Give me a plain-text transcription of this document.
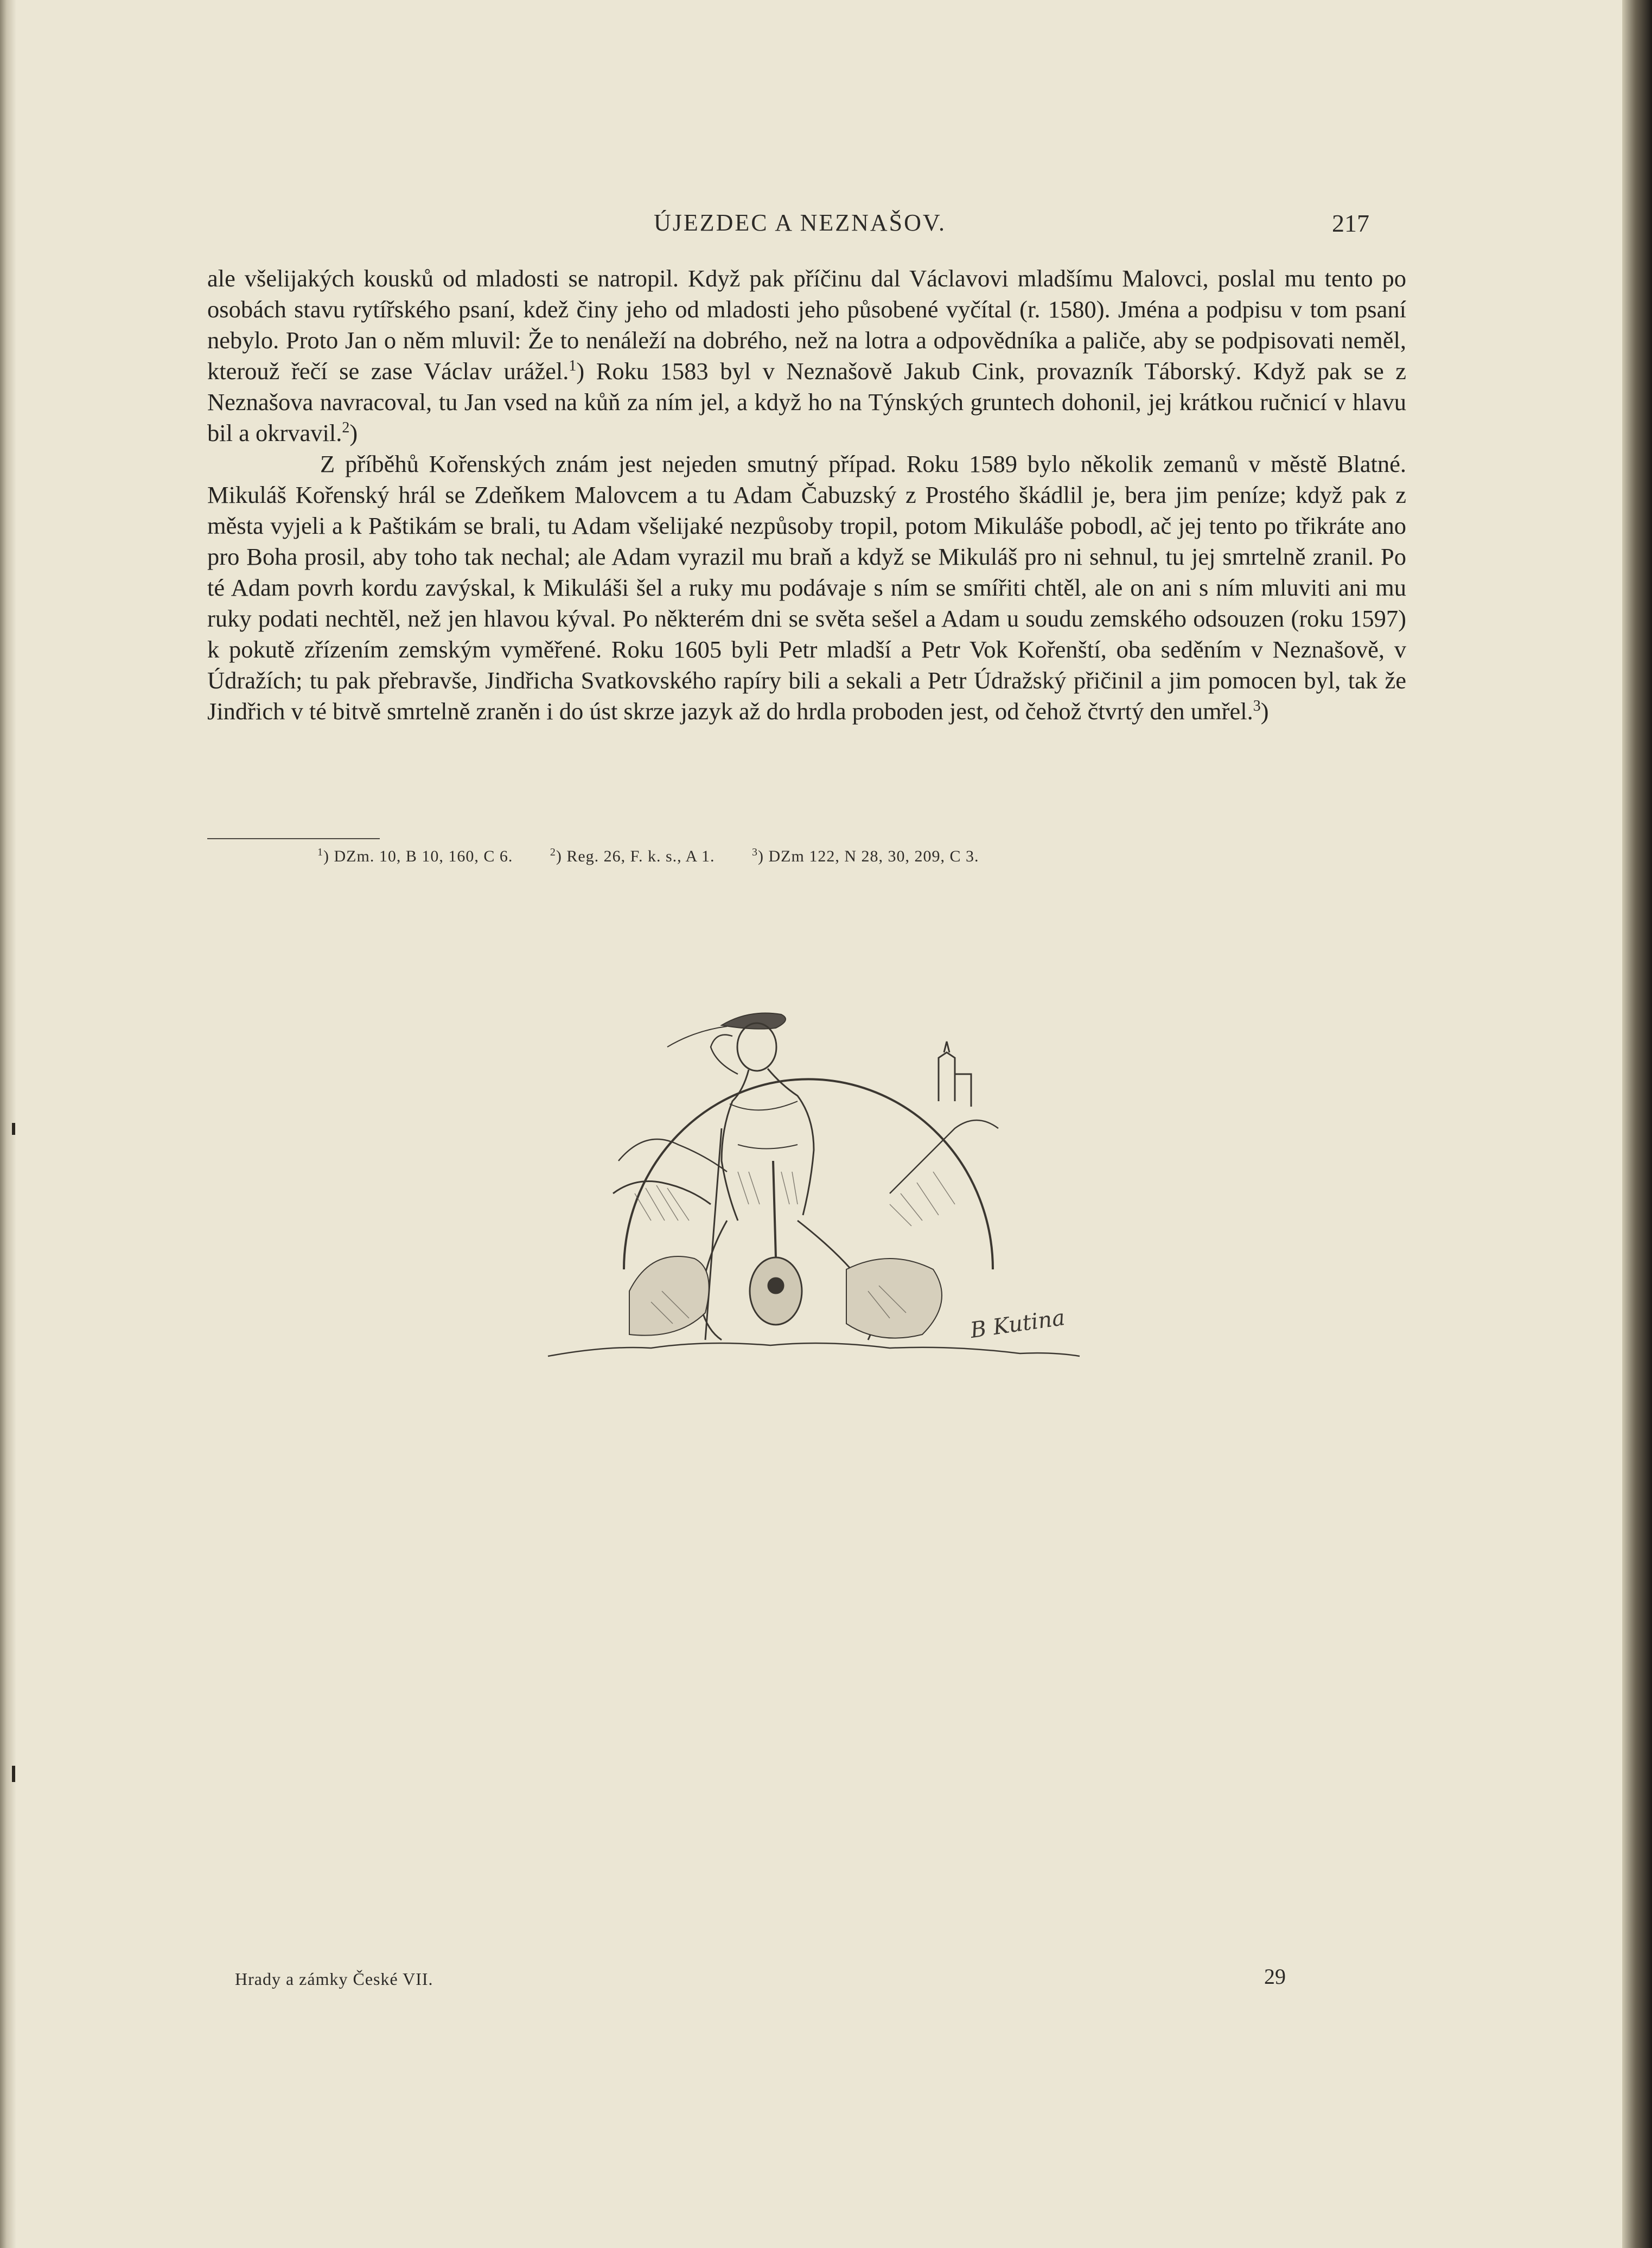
ÚJEZDEC A NEZNAŠOV.	217

ale všelijakých kousků od mladosti se natropil. Když pak příčinu dal Václavovi mladšímu Malovci, poslal mu tento po osobách stavu rytířského psaní, kdež činy jeho od mladosti jeho působené vyčítal (r. 1580). Jména a podpisu v tom psaní nebylo. Proto Jan o něm mluvil: Že to nenáleží na dobrého, než na lotra a odpovědníka a paliče, aby se podpisovati neměl, kterouž řečí se zase Václav urážel.$^1$) Roku 1583 byl v Neznašově Jakub Cink, provazník Táborský. Když pak se z Neznašova navracoval, tu Jan vsed na kůň za ním jel, a když ho na Týnských gruntech dohonil, jej krátkou ručnicí v hlavu bil a okrvavil.$^2$)

Z příběhů Kořenských znám jest nejeden smutný případ. Roku 1589 bylo několik zemanů v městě Blatné. Mikuláš Kořenský hrál se Zdeňkem Malovcem a tu Adam Čabuzský z Prostého škádlil je, bera jim peníze; když pak z města vyjeli a k Paštikám se brali, tu Adam všelijaké nezpůsoby tropil, potom Mikuláše pobodl, ač jej tento po třikráte ano pro Boha prosil, aby toho tak nechal; ale Adam vyrazil mu braň a když se Mikuláš pro ni sehnul, tu jej smrtelně zranil. Po té Adam povrh kordu zavýskal, k Mikuláši šel a ruky mu podávaje s ním se smířiti chtěl, ale on ani s ním mluviti ani mu ruky podati nechtěl, než jen hlavou kýval. Po některém dni se světa sešel a Adam u soudu zemského odsouzen (roku 1597) k pokutě zřízením zemským vyměřené. Roku 1605 byli Petr mladší a Petr Vok Kořenští, oba seděním v Neznašově, v Údražích; tu pak přebravše, Jindřicha Svatkovského rapíry bili a sekali a Petr Údražský přičinil a jim pomocen byl, tak že Jindřich v té bitvě smrtelně zraněn i do úst skrze jazyk až do hrdla proboden jest, od čehož čtvrtý den umřel.$^3$)

$^1$) DZm. 10, B 10, 160, C 6.	$^2$) Reg. 26, F. k. s., A 1.	$^3$) DZm 122, N 28, 30, 209, C 3.
B Kutina
Hrady a zámky České VII.	29
